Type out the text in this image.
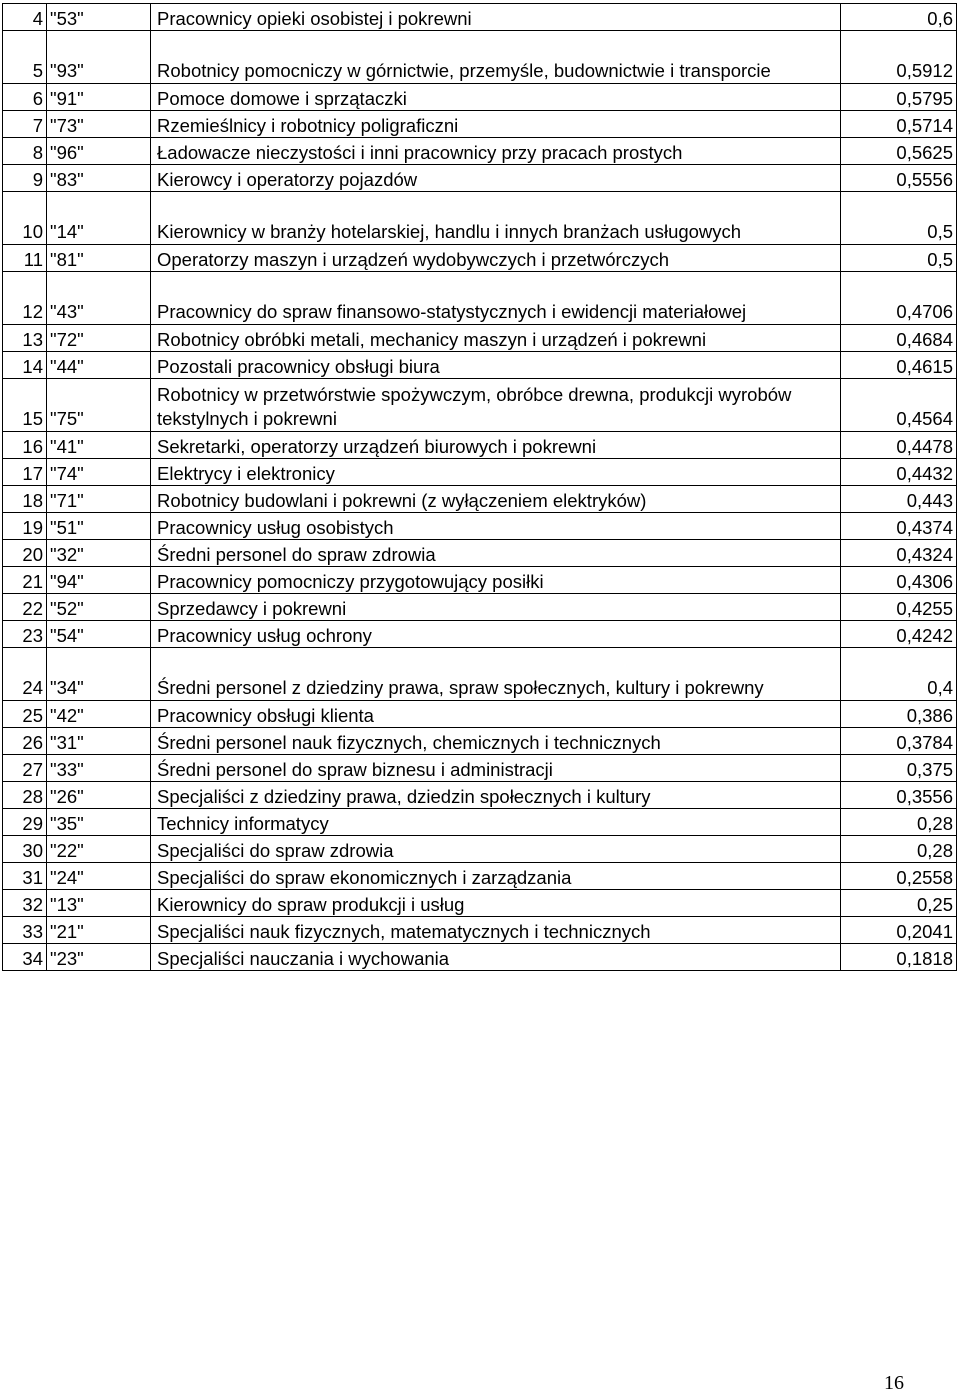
4	"53"	Pracownicy opieki osobistej i pokrewni	0,6
5	"93"	Robotnicy pomocniczy w górnictwie, przemyśle, budownictwie i transporcie	0,5912
6	"91"	Pomoce domowe i sprzątaczki	0,5795
7	"73"	Rzemieślnicy i robotnicy poligraficzni	0,5714
8	"96"	Ładowacze nieczystości i inni pracownicy przy pracach prostych	0,5625
9	"83"	Kierowcy i operatorzy pojazdów	0,5556
10	"14"	Kierownicy w branży hotelarskiej, handlu i innych branżach usługowych	0,5
11	"81"	Operatorzy maszyn i urządzeń wydobywczych i przetwórczych	0,5
12	"43"	Pracownicy do spraw finansowo-statystycznych i ewidencji materiałowej	0,4706
13	"72"	Robotnicy obróbki metali, mechanicy maszyn i urządzeń i pokrewni	0,4684
14	"44"	Pozostali pracownicy obsługi biura	0,4615
15	"75"	Robotnicy w przetwórstwie spożywczym, obróbce drewna, produkcji wyrobów tekstylnych i pokrewni	0,4564
16	"41"	Sekretarki, operatorzy urządzeń biurowych i pokrewni	0,4478
17	"74"	Elektrycy i elektronicy	0,4432
18	"71"	Robotnicy budowlani i pokrewni (z wyłączeniem elektryków)	0,443
19	"51"	Pracownicy usług osobistych	0,4374
20	"32"	Średni personel do spraw zdrowia	0,4324
21	"94"	Pracownicy pomocniczy przygotowujący posiłki	0,4306
22	"52"	Sprzedawcy i pokrewni	0,4255
23	"54"	Pracownicy usług ochrony	0,4242
24	"34"	Średni personel z dziedziny prawa, spraw społecznych, kultury i pokrewny	0,4
25	"42"	Pracownicy obsługi klienta	0,386
26	"31"	Średni personel nauk fizycznych, chemicznych i technicznych	0,3784
27	"33"	Średni personel do spraw biznesu i administracji	0,375
28	"26"	Specjaliści z dziedziny prawa, dziedzin społecznych i kultury	0,3556
29	"35"	Technicy informatycy	0,28
30	"22"	Specjaliści do spraw zdrowia	0,28
31	"24"	Specjaliści do spraw ekonomicznych i zarządzania	0,2558
32	"13"	Kierownicy do spraw produkcji i usług	0,25
33	"21"	Specjaliści nauk fizycznych, matematycznych i technicznych	0,2041
34	"23"	Specjaliści nauczania i wychowania	0,1818
16
